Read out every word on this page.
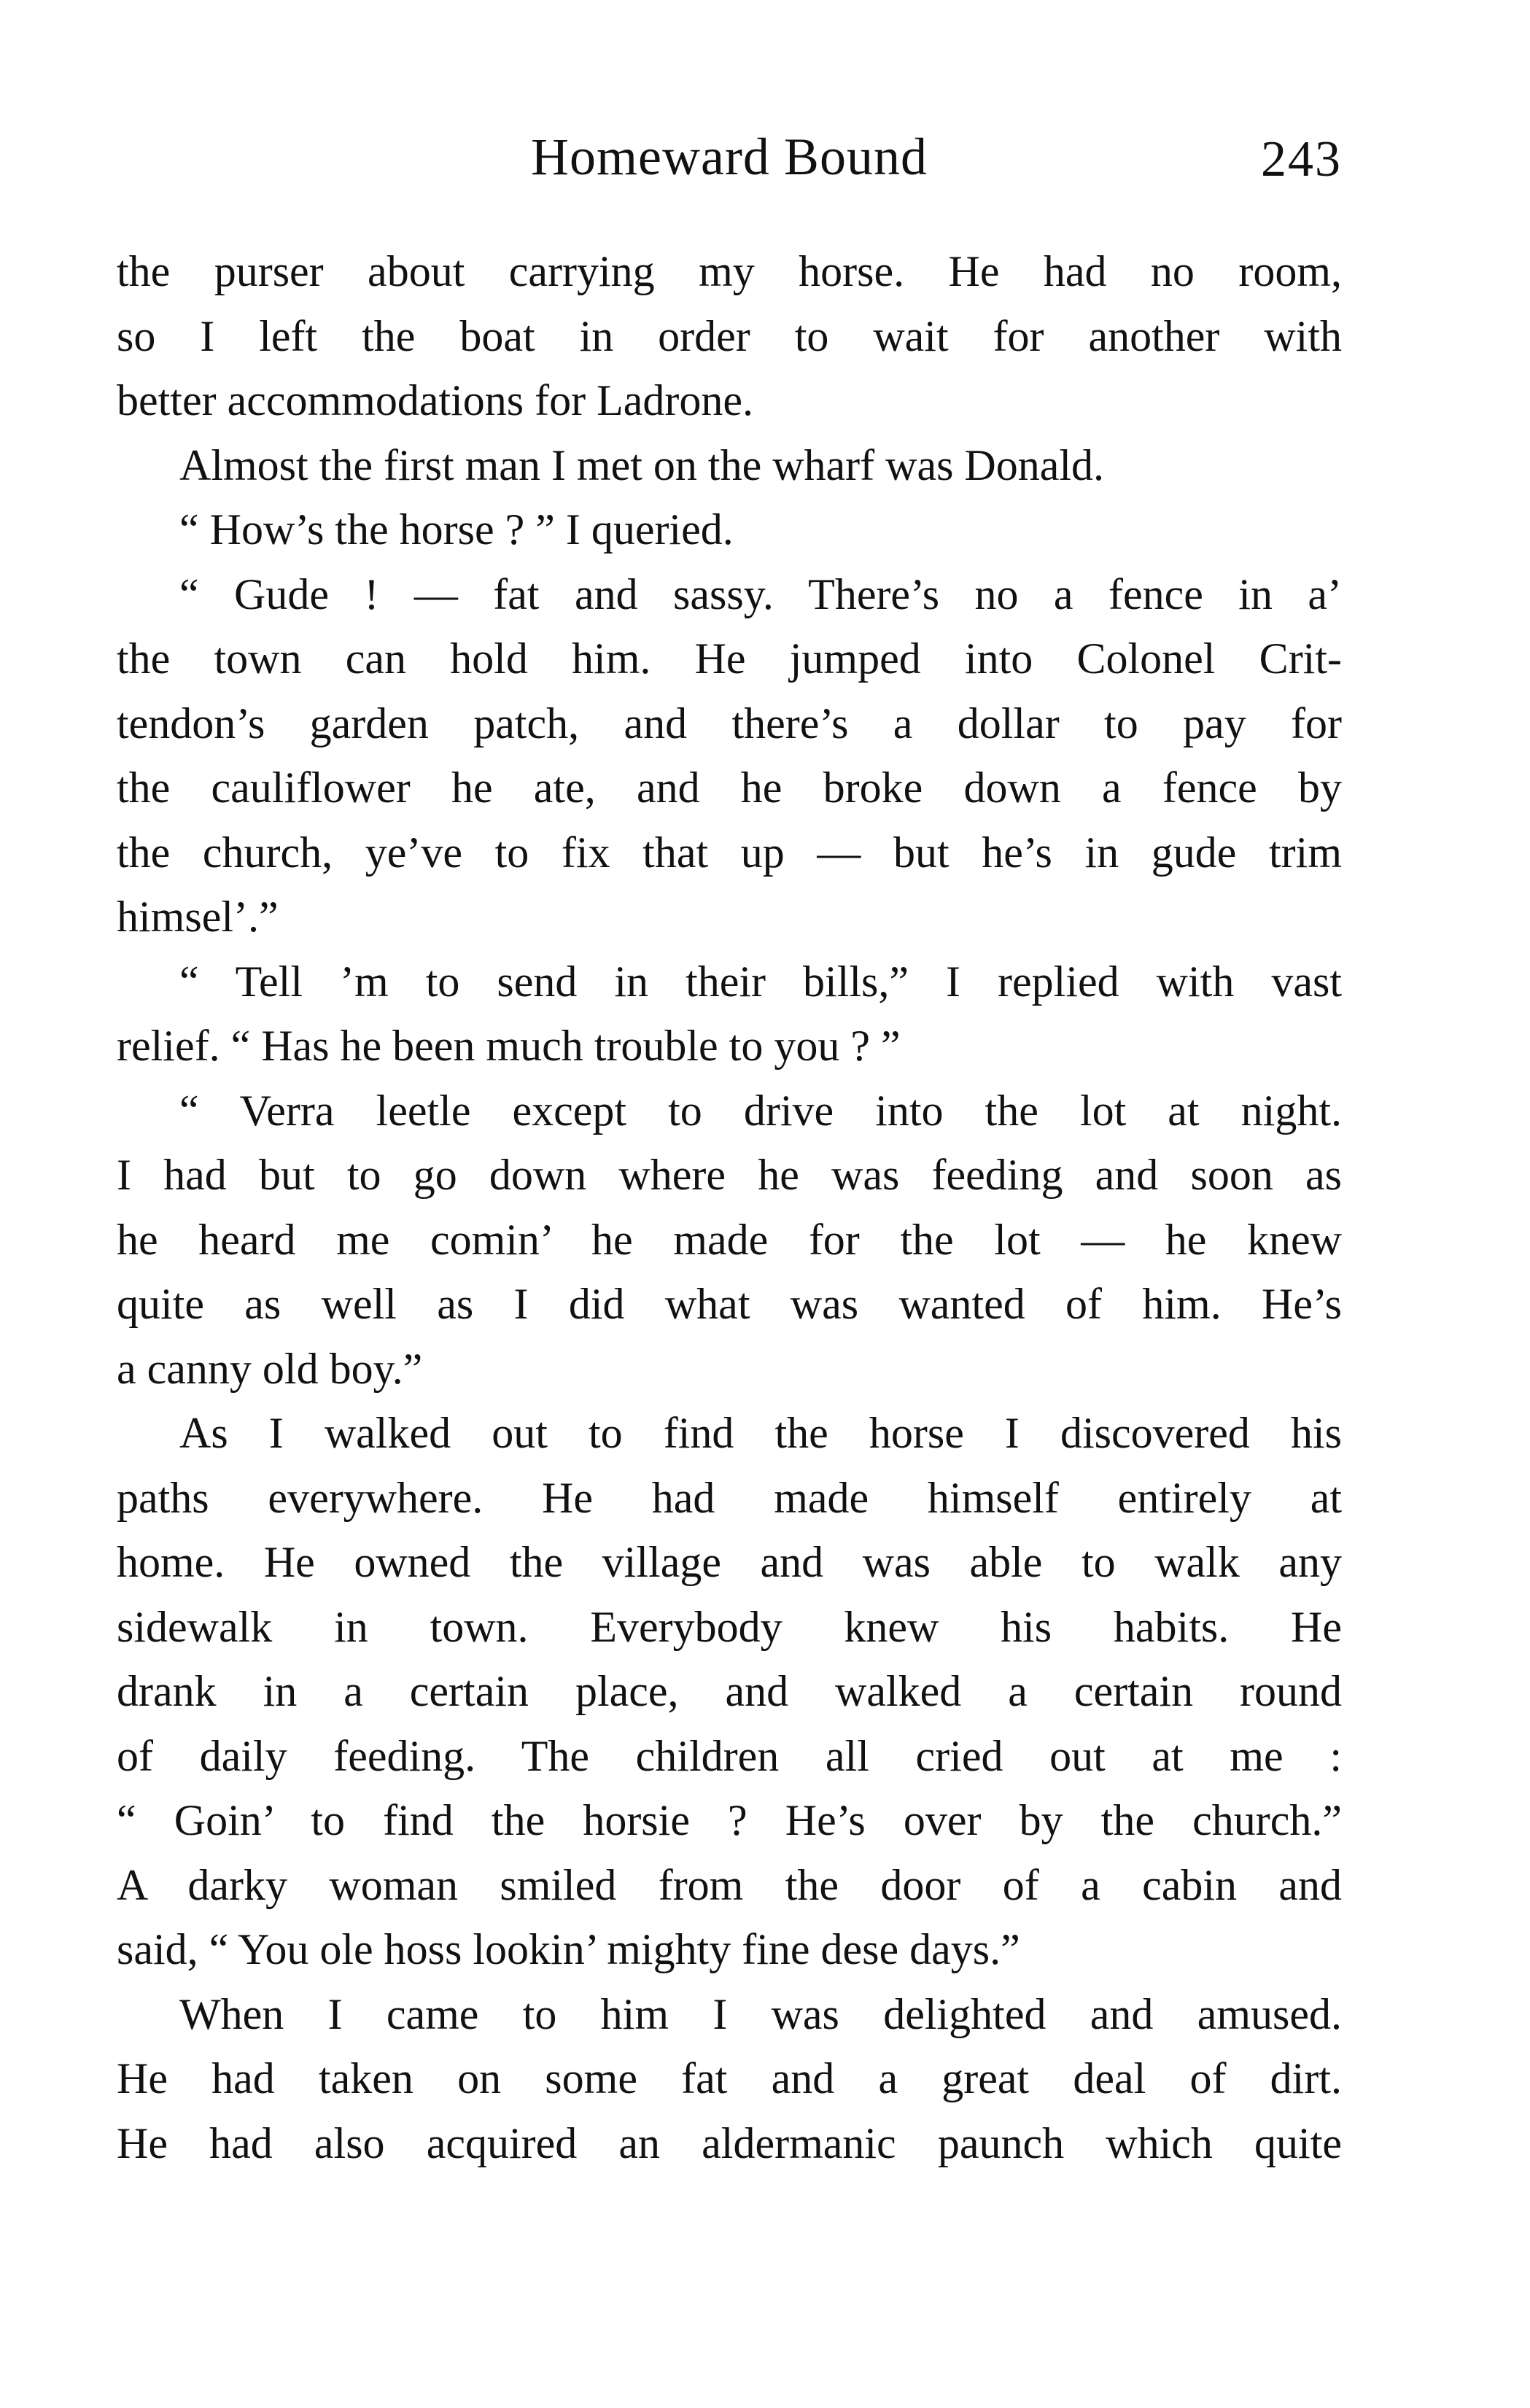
Homeward Bound	243

the purser about carrying my horse. He had no room,
so I left the boat in order to wait for another with
better accommodations for Ladrone.

Almost the first man I met on the wharf was Donald.

“ How’s the horse ? ” I queried.

“ Gude ! — fat and sassy. There’s no a fence in a’
the town can hold him. He jumped into Colonel Crit-
tendon’s garden patch, and there’s a dollar to pay for
the cauliflower he ate, and he broke down a fence by
the church, ye’ve to fix that up — but he’s in gude trim
himsel’.”

“ Tell ’m to send in their bills,” I replied with vast
relief. “ Has he been much trouble to you ? ”

“ Verra leetle except to drive into the lot at night.
I had but to go down where he was feeding and soon as
he heard me comin’ he made for the lot — he knew
quite as well as I did what was wanted of him. He’s
a canny old boy.”

As I walked out to find the horse I discovered his
paths everywhere. He had made himself entirely at
home. He owned the village and was able to walk any
sidewalk in town. Everybody knew his habits. He
drank in a certain place, and walked a certain round
of daily feeding. The children all cried out at me :
“ Goin’ to find the horsie ? He’s over by the church.”
A darky woman smiled from the door of a cabin and
said, “ You ole hoss lookin’ mighty fine dese days.”

When I came to him I was delighted and amused.
He had taken on some fat and a great deal of dirt.
He had also acquired an aldermanic paunch which quite
